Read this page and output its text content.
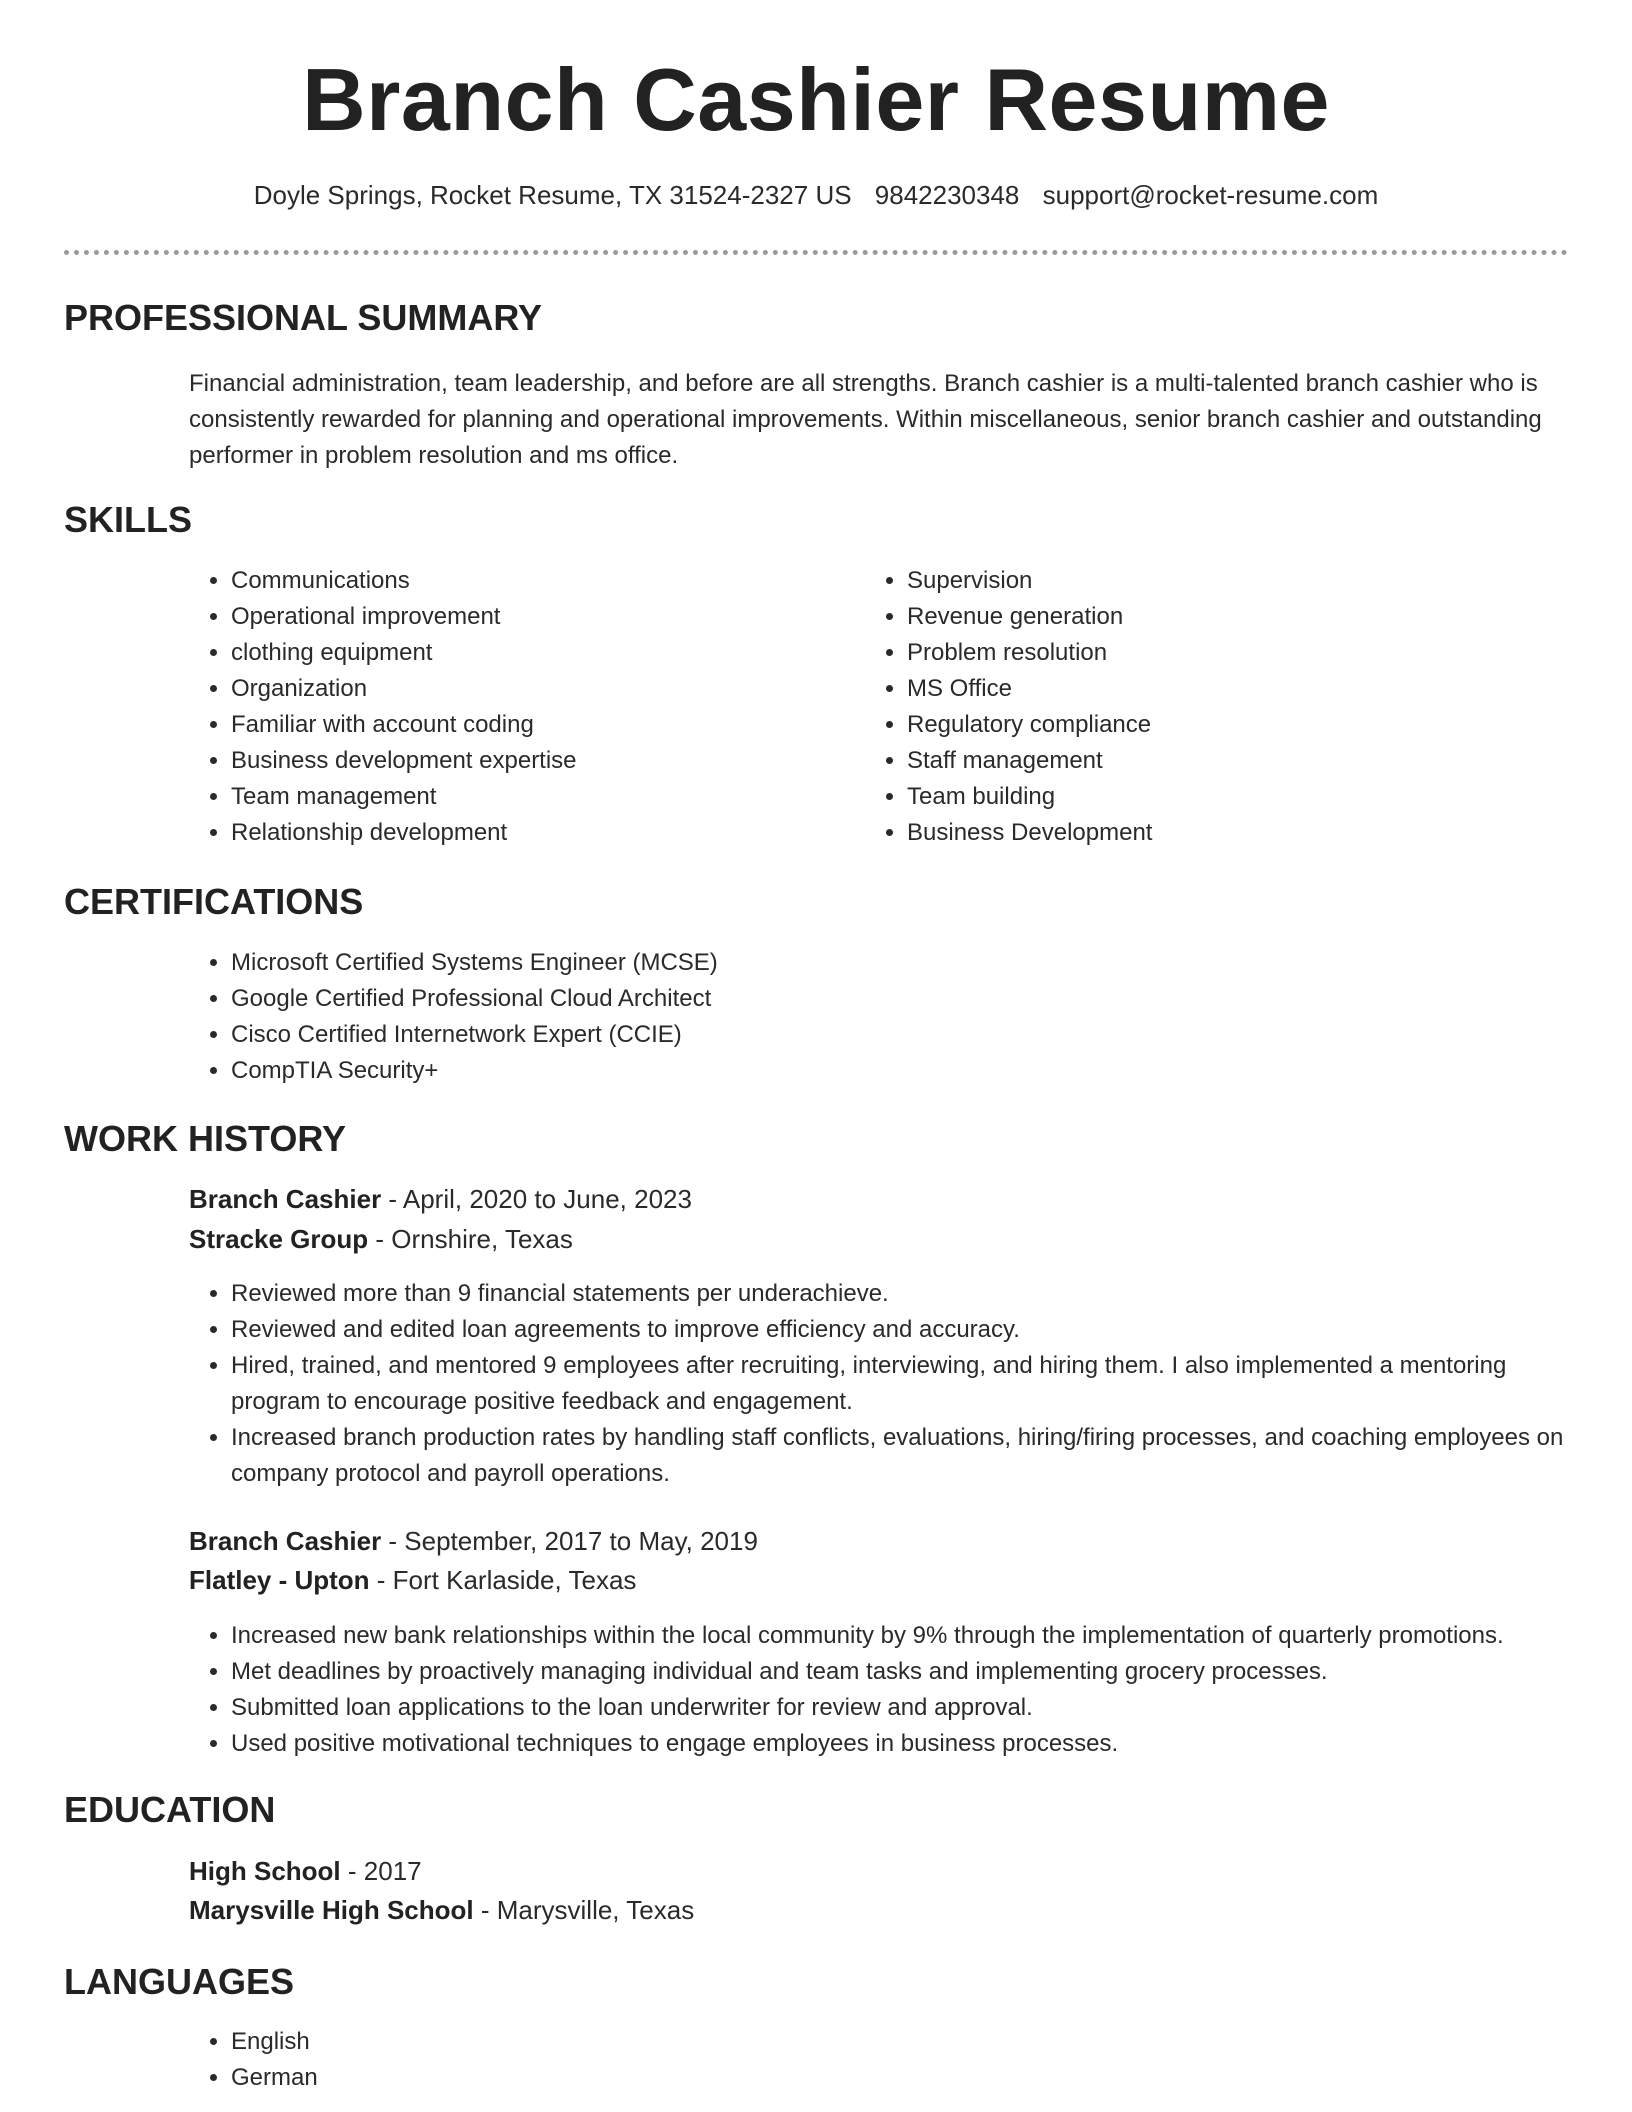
Branch Cashier Resume
Doyle Springs, Rocket Resume, TX 31524-2327 US 9842230348 support@rocket-resume.com
PROFESSIONAL SUMMARY

Financial administration, team leadership, and before are all strengths. Branch cashier is a multi-talented branch cashier who is consistently rewarded for planning and operational improvements. Within miscellaneous, senior branch cashier and outstanding performer in problem resolution and ms office.

SKILLS
• Communications
• Operational improvement
• clothing equipment
• Organization
• Familiar with account coding
• Business development expertise
• Team management
• Relationship development
• Supervision
• Revenue generation
• Problem resolution
• MS Office
• Regulatory compliance
• Staff management
• Team building
• Business Development
CERTIFICATIONS
• Microsoft Certified Systems Engineer (MCSE)
• Google Certified Professional Cloud Architect
• Cisco Certified Internetwork Expert (CCIE)
• CompTIA Security+
WORK HISTORY

Branch Cashier - April, 2020 to June, 2023

Stracke Group - Ornshire, Texas

• Reviewed more than 9 financial statements per underachieve.
• Reviewed and edited loan agreements to improve efficiency and accuracy.
• Hired, trained, and mentored 9 employees after recruiting, interviewing, and hiring them. I also implemented a mentoring program to encourage positive feedback and engagement.
• Increased branch production rates by handling staff conflicts, evaluations, hiring/firing processes, and coaching employees on company protocol and payroll operations.

Branch Cashier - September, 2017 to May, 2019

Flatley - Upton - Fort Karlaside, Texas

• Increased new bank relationships within the local community by 9% through the implementation of quarterly promotions.
• Met deadlines by proactively managing individual and team tasks and implementing grocery processes.
• Submitted loan applications to the loan underwriter for review and approval.
• Used positive motivational techniques to engage employees in business processes.
EDUCATION

High School - 2017

Marysville High School - Marysville, Texas

LANGUAGES
• English
• German
